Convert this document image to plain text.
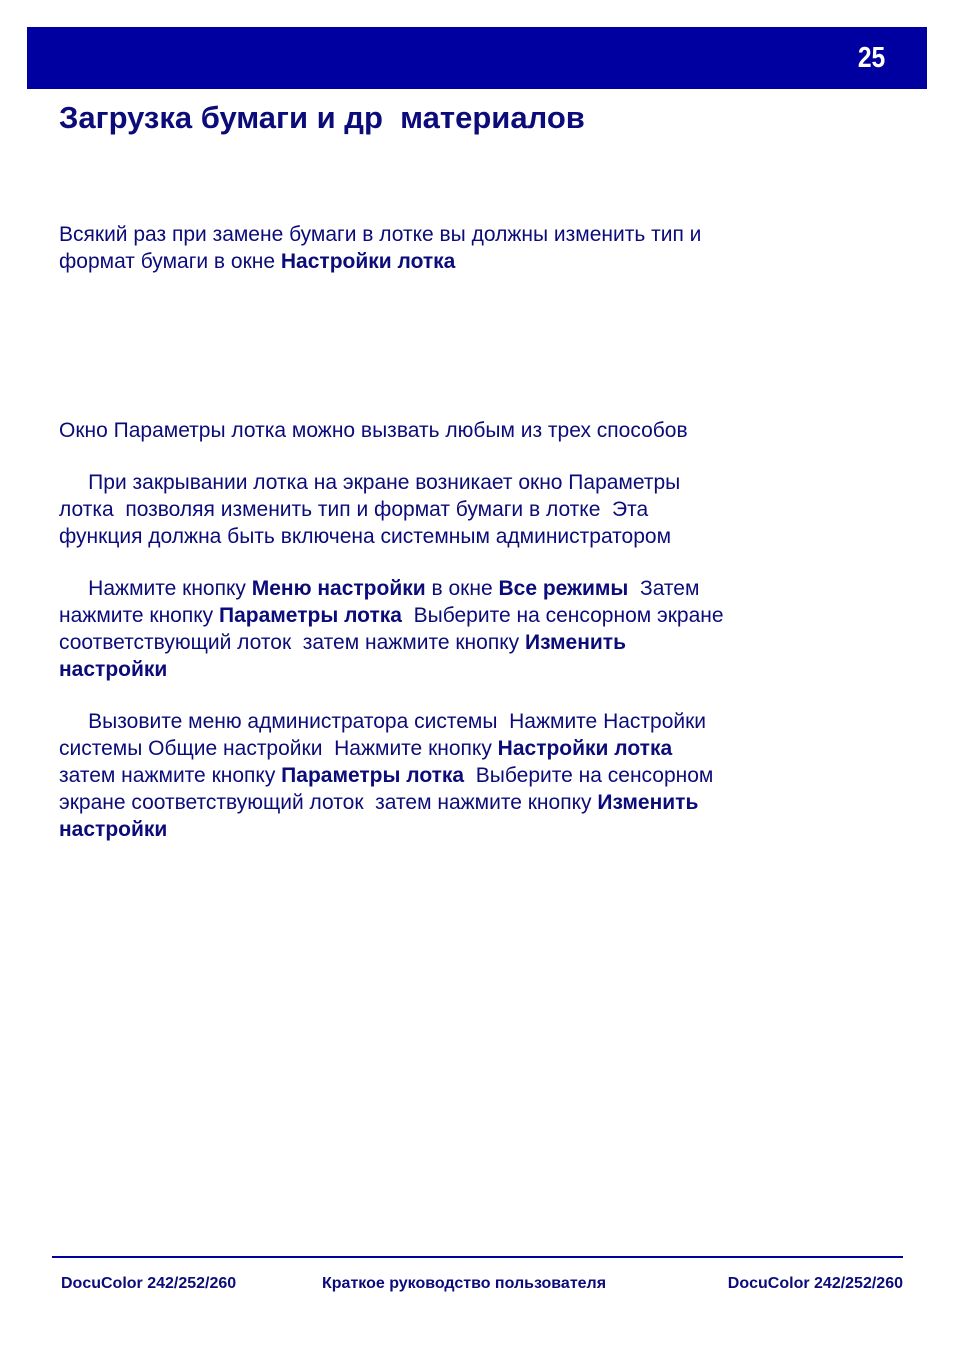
25
Загрузка бумаги и др  материалов
Всякий раз при замене бумаги в лотке вы должны изменить тип и
формат бумаги в окне Настройки лотка
Окно Параметры лотка можно вызвать любым из трех способов
При закрывании лотка на экране возникает окно Параметры
лотка  позволяя изменить тип и формат бумаги в лотке  Эта
функция должна быть включена системным администратором
Нажмите кнопку Меню настройки в окне Все режимы  Затем
нажмите кнопку Параметры лотка  Выберите на сенсорном экране
соответствующий лоток  затем нажмите кнопку Изменить
настройки
Вызовите меню администратора системы  Нажмите Настройки
системы Общие настройки  Нажмите кнопку Настройки лотка
затем нажмите кнопку Параметры лотка  Выберите на сенсорном
экране соответствующий лоток  затем нажмите кнопку Изменить
настройки
DocuColor 242/252/260	Краткое руководство пользователя	DocuColor 242/252/260
